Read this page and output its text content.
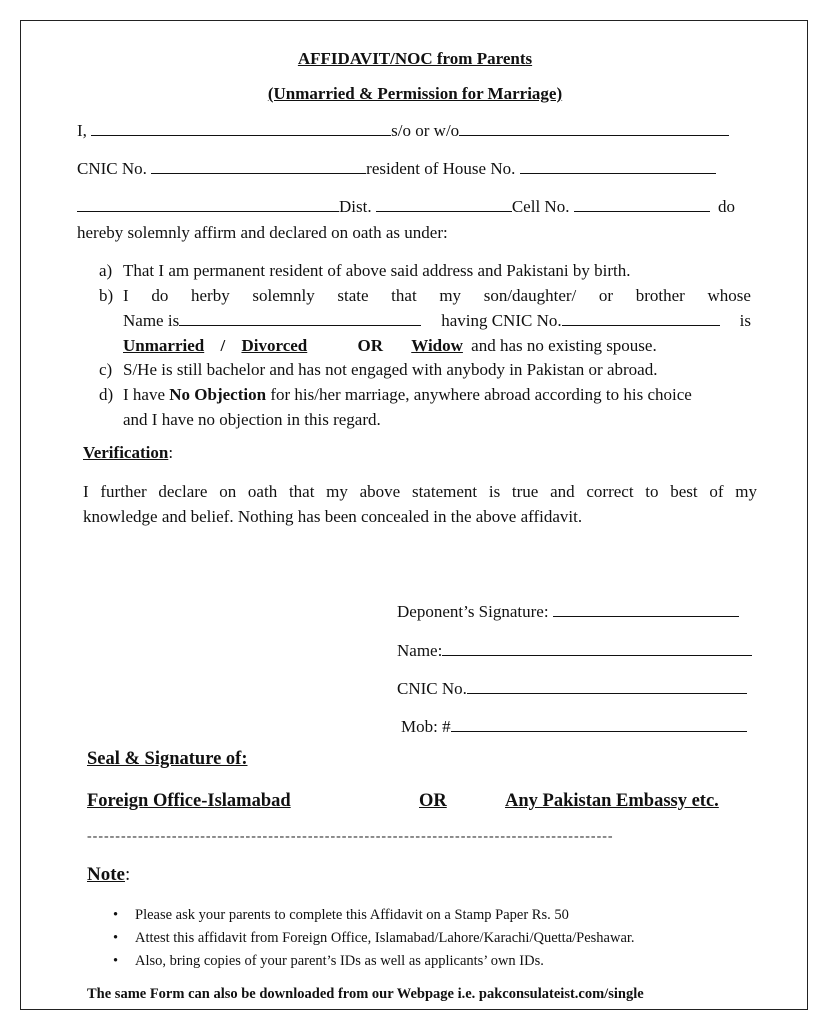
AFFIDAVIT/NOC from Parents
(Unmarried & Permission for Marriage)
I,	s/o or w/o
CNIC No.	resident of House No.
Dist.	Cell No.	do
hereby solemnly affirm and declared on oath as under:
a) That I am permanent resident of above said address and Pakistani by birth.
b) I do herby solemnly state that my son/daughter/ or brother whose
Name is	having CNIC No.	is
Unmarried / Divorced	OR Widow and has no existing spouse.
c) S/He is still bachelor and has not engaged with anybody in Pakistan or abroad.
d) I have No Objection for his/her marriage, anywhere abroad according to his choice
and I have no objection in this regard.
Verification:
I further declare on oath that my above statement is true and correct to best of my
knowledge and belief. Nothing has been concealed in the above affidavit.
Deponent’s Signature:
Name:
CNIC No.
Mob: #
Seal & Signature of:
Foreign Office-Islamabad	OR	Any Pakistan Embassy etc.
---------------------------------------------------------------------------------------------
Note:
• Please ask your parents to complete this Affidavit on a Stamp Paper Rs. 50
• Attest this affidavit from Foreign Office, Islamabad/Lahore/Karachi/Quetta/Peshawar.
• Also, bring copies of your parent’s IDs as well as applicants’ own IDs.
The same Form can also be downloaded from our Webpage i.e. pakconsulateist.com/single
